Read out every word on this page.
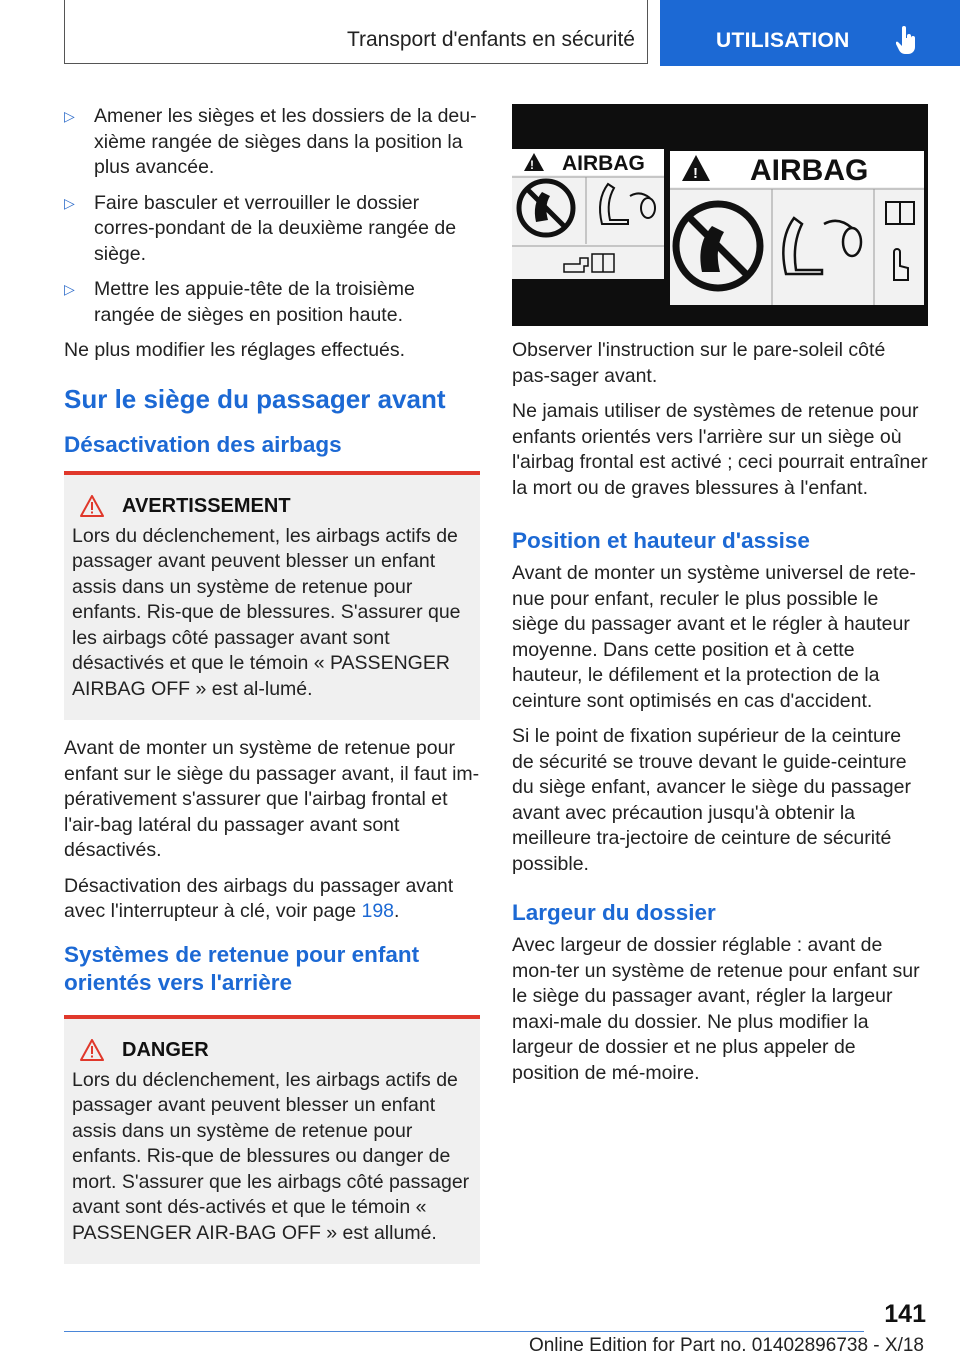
Transport d'enfants en sécurité	UTILISATION
▷ Amener les sièges et les dossiers de la deu-xième rangée de sièges dans la position la plus avancée.
▷ Faire basculer et verrouiller le dossier corres-pondant de la deuxième rangée de siège.
▷ Mettre les appuie-tête de la troisième rangée de sièges en position haute.

Ne plus modifier les réglages effectués.

Sur le siège du passager avant
Désactivation des airbags
AVERTISSEMENT

Lors du déclenchement, les airbags actifs de passager avant peuvent blesser un enfant assis dans un système de retenue pour enfants. Ris-que de blessures. S'assurer que les airbags côté passager avant sont désactivés et que le témoin « PASSENGER AIRBAG OFF » est al-lumé.

Avant de monter un système de retenue pour enfant sur le siège du passager avant, il faut im-pérativement s'assurer que l'airbag frontal et l'air-bag latéral du passager avant sont désactivés.

Désactivation des airbags du passager avant avec l'interrupteur à clé, voir page 198.

Systèmes de retenue pour enfant orientés vers l'arrière
DANGER

Lors du déclenchement, les airbags actifs de passager avant peuvent blesser un enfant assis dans un système de retenue pour enfants. Ris-que de blessures ou danger de mort. S'assurer que les airbags côté passager avant sont dés-activés et que le témoin « PASSENGER AIR-BAG OFF » est allumé.

! AIRBAG	! AIRBAG

Observer l'instruction sur le pare-soleil côté pas-sager avant.

Ne jamais utiliser de systèmes de retenue pour enfants orientés vers l'arrière sur un siège où l'airbag frontal est activé ; ceci pourrait entraîner la mort ou de graves blessures à l'enfant.

Position et hauteur d'assise

Avant de monter un système universel de rete-nue pour enfant, reculer le plus possible le siège du passager avant et le régler à hauteur moyenne. Dans cette position et à cette hauteur, le défilement et la protection de la ceinture sont optimisés en cas d'accident.

Si le point de fixation supérieur de la ceinture de sécurité se trouve devant le guide-ceinture du siège enfant, avancer le siège du passager avant avec précaution jusqu'à obtenir la meilleure tra-jectoire de ceinture de sécurité possible.

Largeur du dossier

Avec largeur de dossier réglable : avant de mon-ter un système de retenue pour enfant sur le siège du passager avant, régler la largeur maxi-male du dossier. Ne plus modifier la largeur de dossier et ne plus appeler de position de mé-moire.

141
Online Edition for Part no. 01402896738 - X/18
